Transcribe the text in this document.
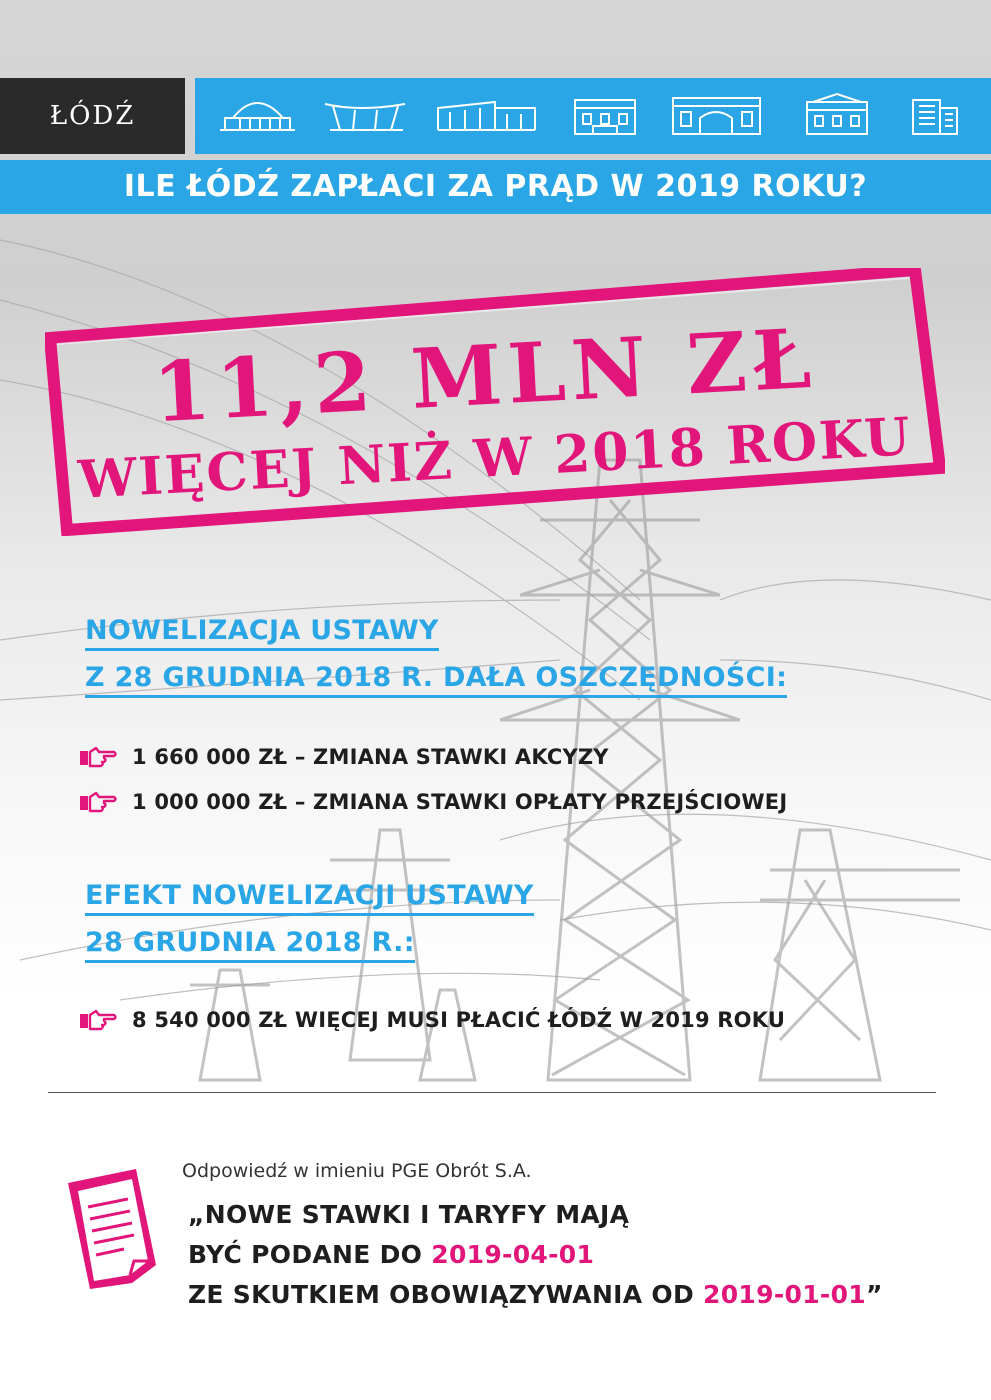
ŁÓDŹ
ILE ŁÓDŹ ZAPŁACI ZA PRĄD W 2019 ROKU?
11,2 MLN ZŁ
WIĘCEJ NIŻ W 2018 ROKU
NOWELIZACJA USTAWY
Z 28 GRUDNIA 2018 R. DAŁA OSZCZĘDNOŚCI:
1 660 000 ZŁ – ZMIANA STAWKI AKCYZY
1 000 000 ZŁ – ZMIANA STAWKI OPŁATY PRZEJŚCIOWEJ
EFEKT NOWELIZACJI USTAWY
28 GRUDNIA 2018 R.:
8 540 000 ZŁ WIĘCEJ MUSI PŁACIĆ ŁÓDŹ W 2019 ROKU
Odpowiedź w imieniu PGE Obrót S.A.
„NOWE STAWKI I TARYFY MAJĄ
BYĆ PODANE DO 2019-04-01
ZE SKUTKIEM OBOWIĄZYWANIA OD 2019-01-01”
